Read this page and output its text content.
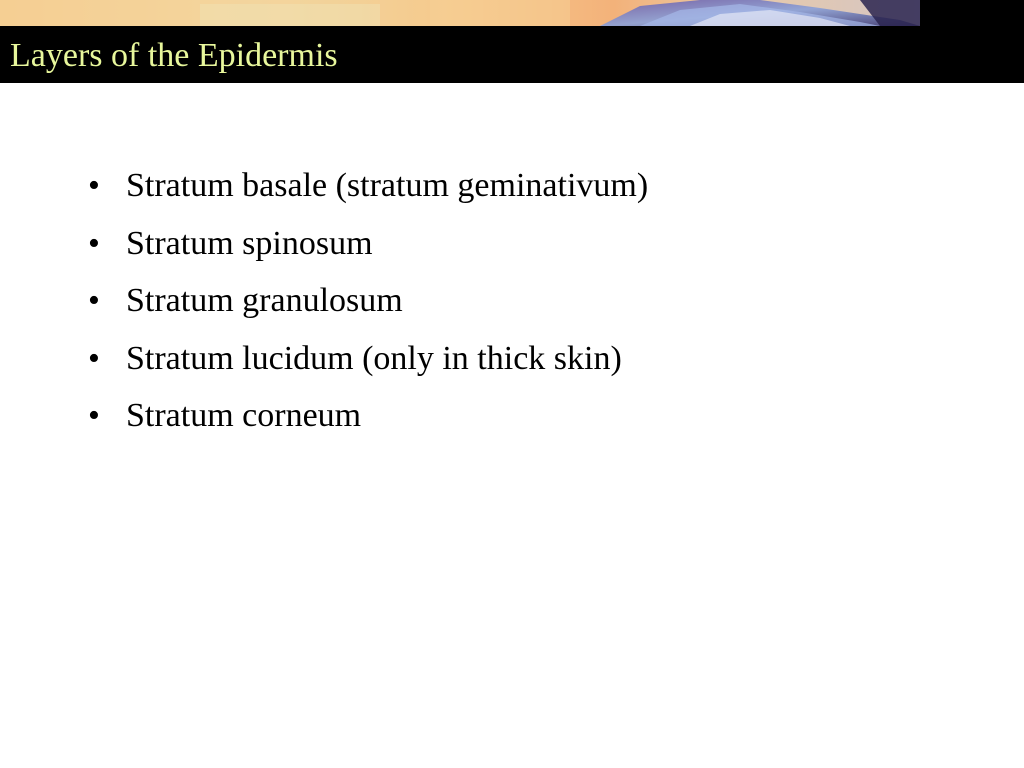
Layers of the Epidermis
• Stratum basale (stratum geminativum)
• Stratum spinosum
• Stratum granulosum
• Stratum lucidum (only in thick skin)
• Stratum corneum
